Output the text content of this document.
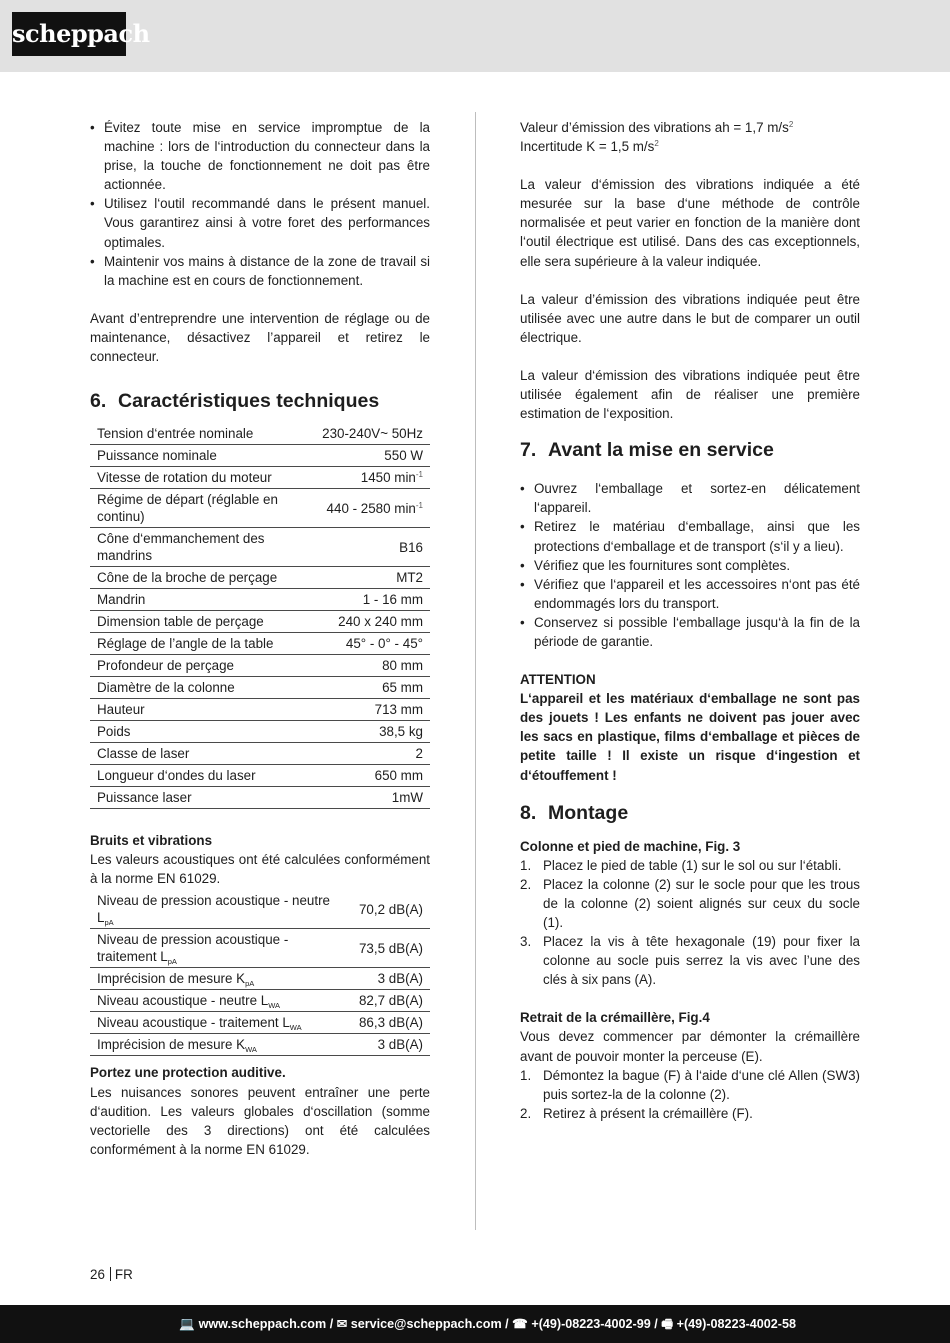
scheppach
• Évitez toute mise en service impromptue de la machine : lors de l‘introduction du connecteur dans la prise, la touche de fonctionnement ne doit pas être actionnée.
• Utilisez l‘outil recommandé dans le présent manuel. Vous garantirez ainsi à votre foret des performances optimales.
• Maintenir vos mains à distance de la zone de travail si la machine est en cours de fonctionnement.

Avant d’entreprendre une intervention de réglage ou de maintenance, désactivez l’appareil et retirez le connecteur.

6. Caractéristiques techniques
Tension d‘entrée nominale	230-240V~ 50Hz
Puissance nominale	550 W
Vitesse de rotation du moteur	1450 $\min^{-1}$
Régime de départ (réglable en continu)	440 - 2580 $\min^{-1}$
Cône d‘emmanchement des mandrins	B16
Cône de la broche de perçage	MT2
Mandrin	1 - 16 mm
Dimension table de perçage	240 x 240 mm
Réglage de l’angle de la table	45° - 0° - 45°
Profondeur de perçage	80 mm
Diamètre de la colonne	65 mm
Hauteur	713 mm
Poids	38,5 kg
Classe de laser	2
Longueur d‘ondes du laser	650 mm
Puissance laser	1mW
Bruits et vibrations

Les valeurs acoustiques ont été calculées conformément à la norme EN 61029.

Niveau de pression acoustique - neutre $L_{pA}$	70,2 dB(A)
Niveau de pression acoustique - traitement $L_{pA}$	73,5 dB(A)
Imprécision de mesure $K_{pA}$	3 dB(A)
Niveau acoustique - neutre $L_{WA}$	82,7 dB(A)
Niveau acoustique - traitement $L_{WA}$	86,3 dB(A)
Imprécision de mesure $K_{WA}$	3 dB(A)
Portez une protection auditive.

Les nuisances sonores peuvent entraîner une perte d‘audition. Les valeurs globales d‘oscillation (somme vectorielle des 3 directions) ont été calculées conformément à la norme EN 61029.

Valeur d’émission des vibrations ah = 1,7 $m/s^2$

Incertitude K = 1,5 $m/s^2$

La valeur d‘émission des vibrations indiquée a été mesurée sur la base d‘une méthode de contrôle normalisée et peut varier en fonction de la manière dont l‘outil électrique est utilisé. Dans des cas exceptionnels, elle sera supérieure à la valeur indiquée.

La valeur d’émission des vibrations indiquée peut être utilisée avec une autre dans le but de comparer un outil électrique.

La valeur d‘émission des vibrations indiquée peut être utilisée également afin de réaliser une première estimation de l‘exposition.

7. Avant la mise en service
• Ouvrez l‘emballage et sortez-en délicatement l‘appareil.
• Retirez le matériau d‘emballage, ainsi que les protections d‘emballage et de transport (s‘il y a lieu).
• Vérifiez que les fournitures sont complètes.
• Vérifiez que l‘appareil et les accessoires n‘ont pas été endommagés lors du transport.
• Conservez si possible l‘emballage jusqu‘à la fin de la période de garantie.
ATTENTION

L‘appareil et les matériaux d‘emballage ne sont pas des jouets ! Les enfants ne doivent pas jouer avec les sacs en plastique, films d‘emballage et pièces de petite taille ! Il existe un risque d‘ingestion et d‘étouffement !

8. Montage
Colonne et pied de machine, Fig. 3
1. Placez le pied de table (1) sur le sol ou sur l‘établi.
2. Placez la colonne (2) sur le socle pour que les trous de la colonne (2) soient alignés sur ceux du socle (1).
3. Placez la vis à tête hexagonale (19) pour fixer la colonne au socle puis serrez la vis avec l’une des clés à six pans (A).
Retrait de la crémaillère, Fig.4

Vous devez commencer par démonter la crémaillère avant de pouvoir monter la perceuse (E).

1. Démontez la bague (F) à l‘aide d‘une clé Allen (SW3) puis sortez-la de la colonne (2).
2. Retirez à présent la crémaillère (F).
26 FR
💻 www.scheppach.com / ✉ service@scheppach.com / ☎ +(49)-08223-4002-99 / 🖷 +(49)-08223-4002-58
